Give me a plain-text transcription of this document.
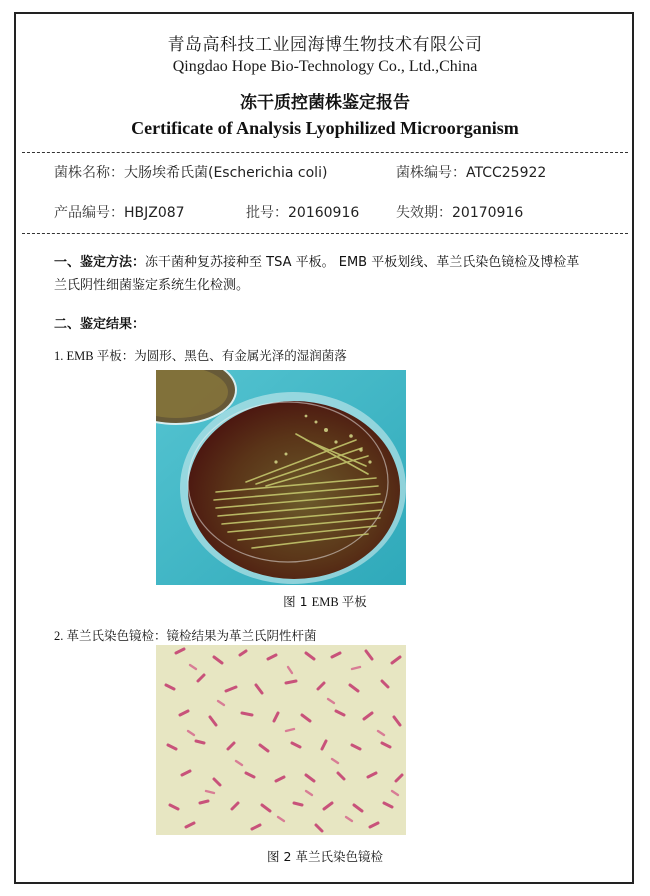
青岛高科技工业园海博生物技术有限公司
Qingdao Hope Bio-Technology Co., Ltd.,China
冻干质控菌株鉴定报告
Certificate of Analysis Lyophilized Microorganism
菌株名称：大肠埃希氏菌(Escherichia coli)	菌株编号：ATCC25922
产品编号：HBJZ087	批号：20160916	失效期：20170916
一、鉴定方法：冻干菌种复苏接种至 TSA 平板。 EMB 平板划线、革兰氏染色镜检及博检革
兰氏阴性细菌鉴定系统生化检测。
二、鉴定结果：
1. EMB 平板：为圆形、黑色、有金属光泽的湿润菌落
图 1 EMB 平板
2. 革兰氏染色镜检：镜检结果为革兰氏阴性杆菌
图 2 革兰氏染色镜检
